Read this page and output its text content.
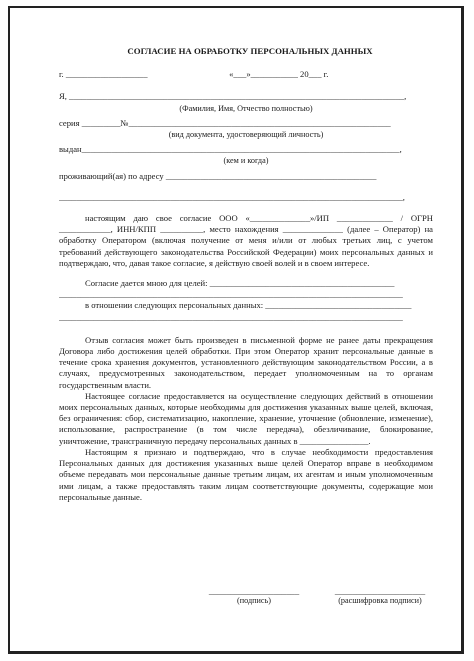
СОГЛАСИЕ НА ОБРАБОТКУ ПЕРСОНАЛЬНЫХ ДАННЫХ
г. ___________________                                      «___»___________ 20___ г.
Я, ______________________________________________________________________________,
(Фамилия, Имя, Отчество полностью)
серия _________№_____________________________________________________________
(вид документа, удостоверяющий личность)
выдан__________________________________________________________________________,
(кем и когда)
проживающий(ая) по адресу _________________________________________________
________________________________________________________________________________,
настоящим даю свое согласие ООО «______________»/ИП _____________ / ОГРН ____________, ИНН/КПП __________, место нахождения ______________ (далее – Оператор) на обработку Оператором (включая получение от меня и/или от любых третьих лиц, с учетом требований действующего законодательства Российской Федерации) моих персональных данных и подтверждаю, что, давая такое согласие, я действую своей волей и в своем интересе.
Согласие дается мною для целей: ___________________________________________
________________________________________________________________________________
в отношении следующих персональных данных: __________________________________
________________________________________________________________________________
Отзыв согласия может быть произведен в письменной форме не ранее даты прекращения Договора либо достижения целей обработки. При этом Оператор хранит персональные данные в течение срока хранения документов, установленного действующим законодательством России, а в случаях, предусмотренных законодательством, передает уполномоченным на то органам государственным власти.
Настоящее согласие предоставляется на осуществление следующих действий в отношении моих персональных данных, которые необходимы для достижения указанных выше целей, включая, без ограничения: сбор, систематизацию, накопление, хранение, уточнение (обновление, изменение), использование, распространение (в том числе передача), обезличивание, блокирование, уничтожение, трансграничную передачу персональных данных в ________________.
Настоящим я признаю и подтверждаю, что в случае необходимости предоставления Персональных данных для достижения указанных выше целей Оператор вправе в необходимом объеме передавать мои персональные данные третьим лицам, их агентам и иным уполномоченным ими лицам, а также предоставлять таким лицам соответствующие документы, содержащие мои персональные данные.
_____________________
(подпись)
_____________________
(расшифровка подписи)
